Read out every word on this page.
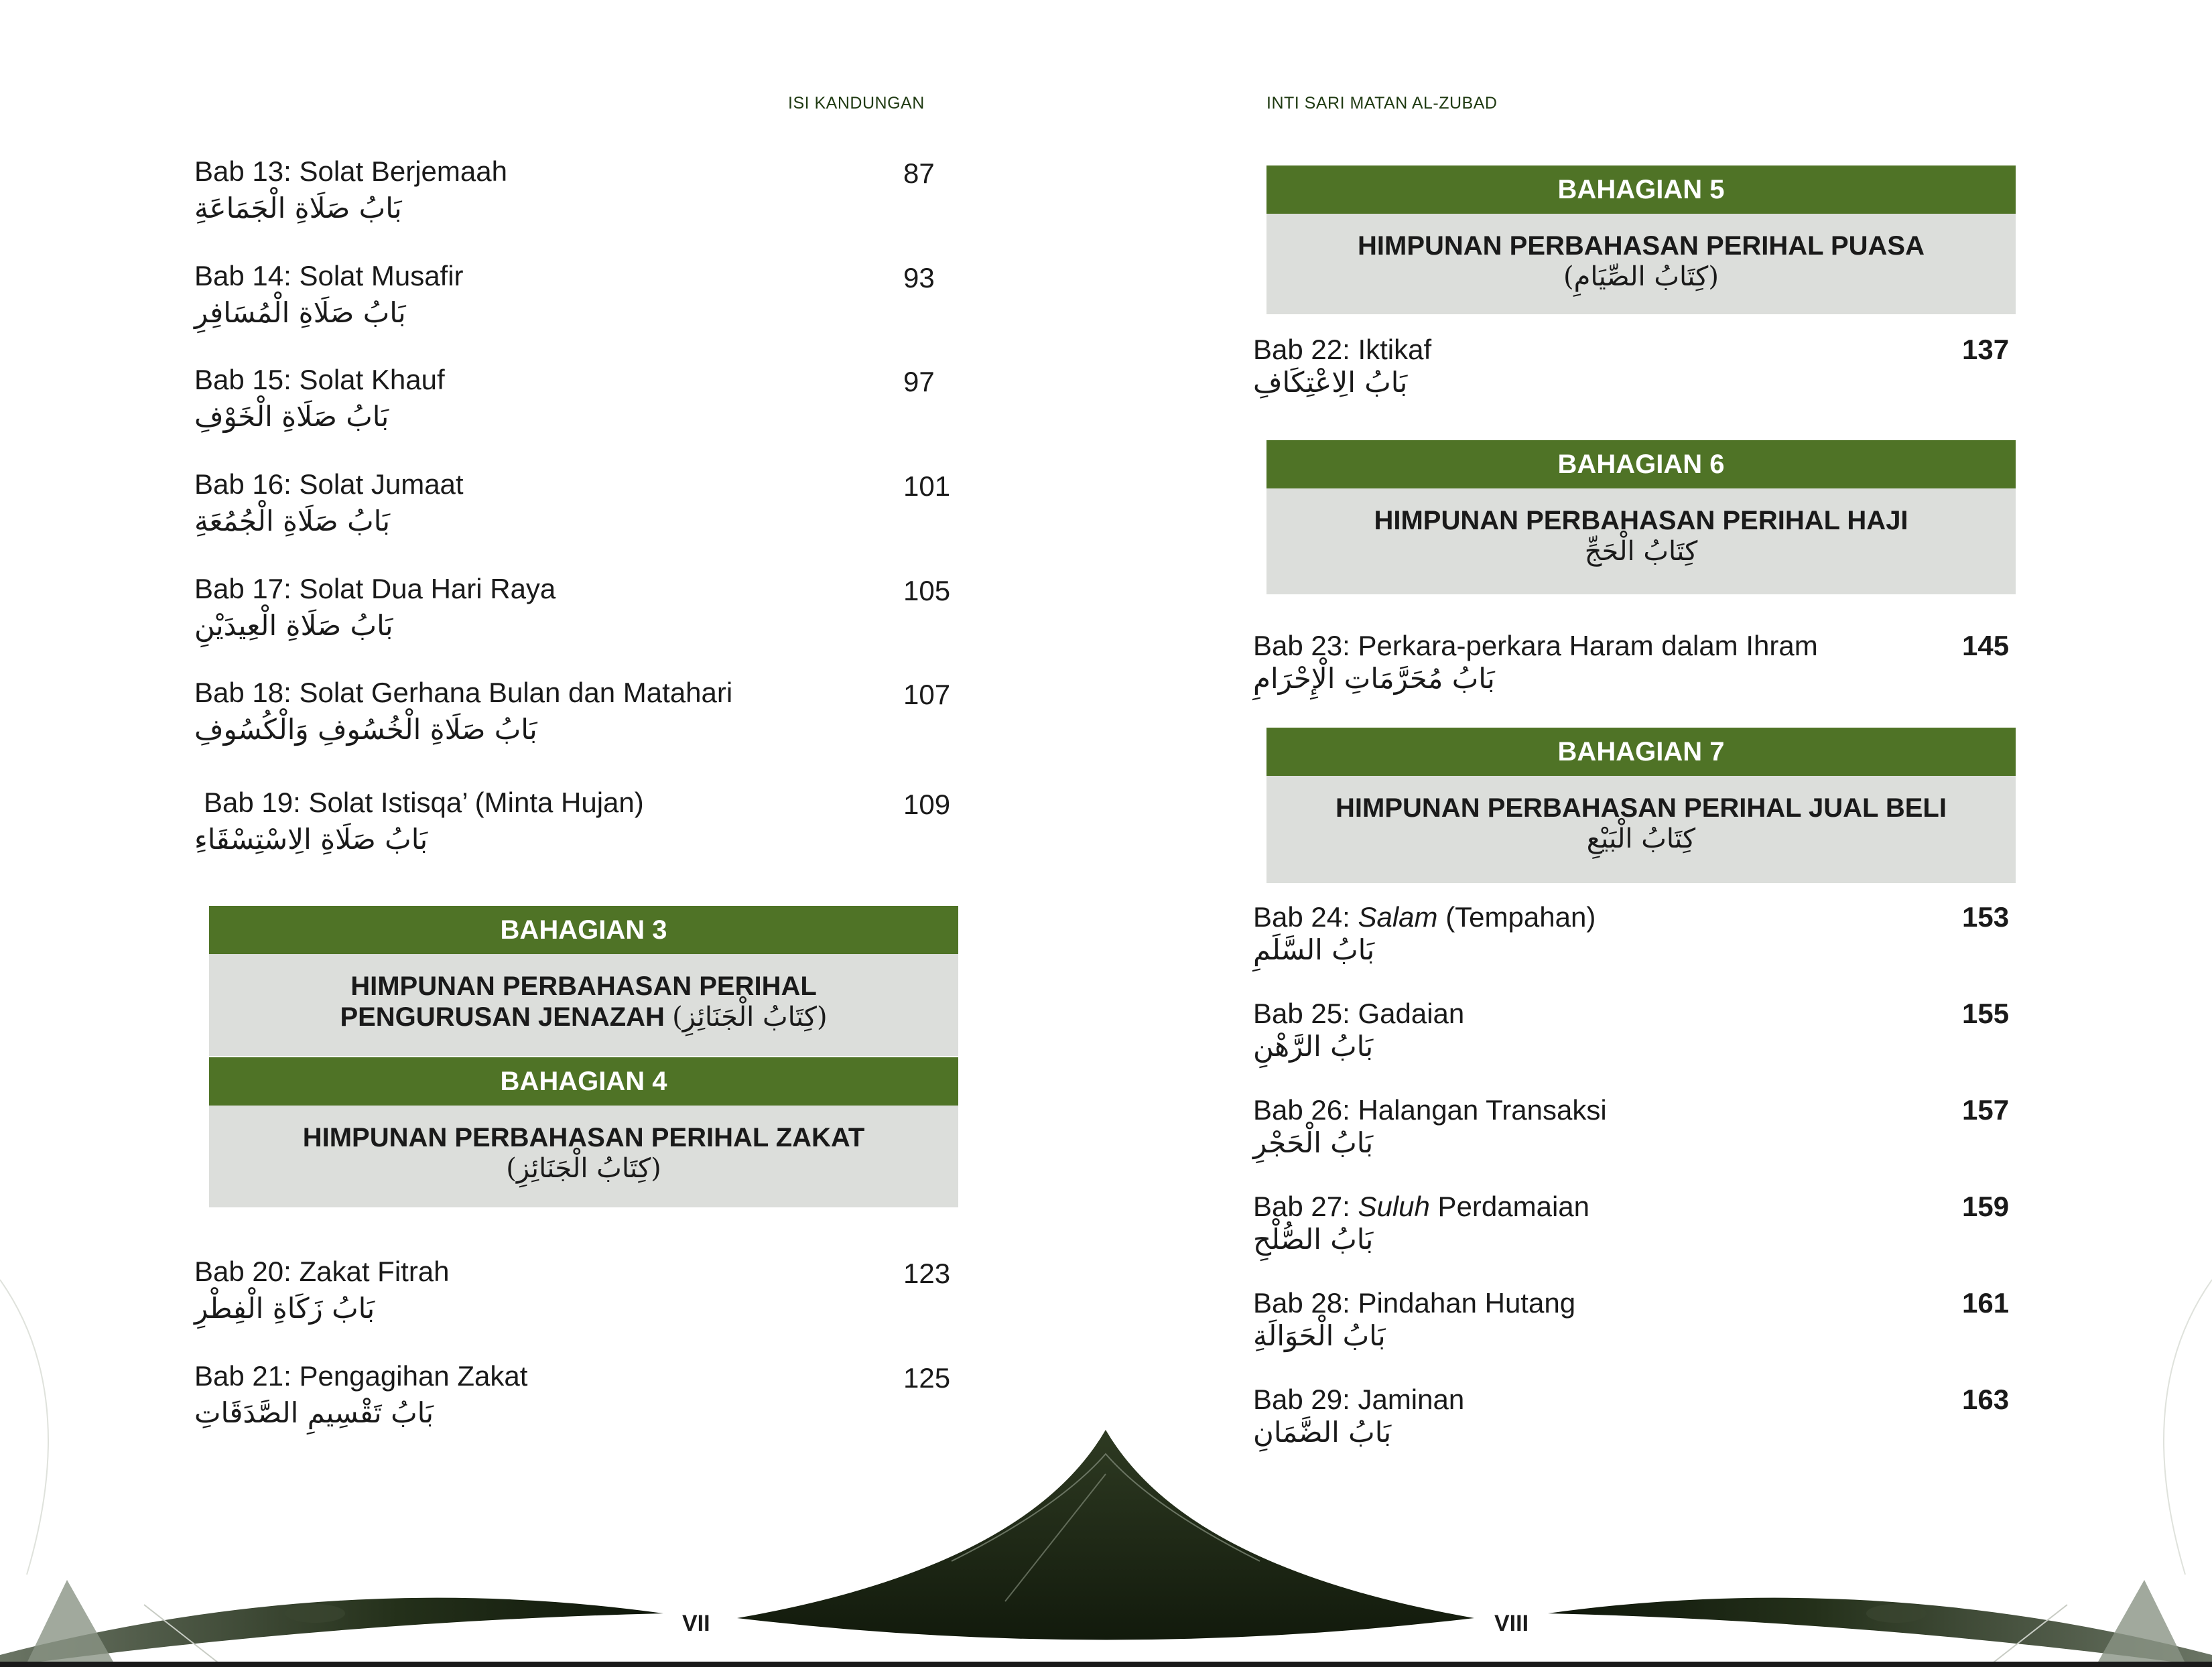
ISI KANDUNGAN	INTI SARI MATAN AL-ZUBAD
Bab 13: Solat Berjemaah
بَابُ صَلَاةِ الْجَمَاعَةِ
87
Bab 14: Solat Musafir
بَابُ صَلَاةِ الْمُسَافِرِ
93
Bab 15: Solat Khauf
بَابُ صَلَاةِ الْخَوْفِ
97
Bab 16: Solat Jumaat
بَابُ صَلَاةِ الْجُمُعَةِ
101
Bab 17: Solat Dua Hari Raya
بَابُ صَلَاةِ الْعِيدَيْنِ
105
Bab 18: Solat Gerhana Bulan dan Matahari
بَابُ صَلَاةِ الْخُسُوفِ وَالْكُسُوفِ
107
Bab 19: Solat Istisqa’ (Minta Hujan)
بَابُ صَلَاةِ الِاسْتِسْقَاءِ
109
BAHAGIAN 3
HIMPUNAN PERBAHASAN PERIHAL
PENGURUSAN JENAZAH (كِتَابُ الْجَنَائِزِ)
BAHAGIAN 4
HIMPUNAN PERBAHASAN PERIHAL ZAKAT
(كِتَابُ الْجَنَائِزِ)
Bab 20: Zakat Fitrah
بَابُ زَكَاةِ الْفِطْرِ
123
Bab 21: Pengagihan Zakat
بَابُ تَقْسِيمِ الصَّدَقَاتِ
125
BAHAGIAN 5
HIMPUNAN PERBAHASAN PERIHAL PUASA
(كِتَابُ الصِّيَامِ)
Bab 22: Iktikaf
بَابُ الِاعْتِكَافِ
137
BAHAGIAN 6
HIMPUNAN PERBAHASAN PERIHAL HAJI
كِتَابُ الْحَجِّ
Bab 23: Perkara-perkara Haram dalam Ihram
بَابُ مُحَرَّمَاتِ الْإِحْرَامِ
145
BAHAGIAN 7
HIMPUNAN PERBAHASAN PERIHAL JUAL BELI
كِتَابُ الْبَيْعِ
Bab 24: Salam (Tempahan)
بَابُ السَّلَمِ
153
Bab 25: Gadaian
بَابُ الرَّهْنِ
155
Bab 26: Halangan Transaksi
بَابُ الْحَجْرِ
157
Bab 27: Suluh Perdamaian
بَابُ الصُّلْحِ
159
Bab 28: Pindahan Hutang
بَابُ الْحَوَالَةِ
161
Bab 29: Jaminan
بَابُ الضَّمَانِ
163
VII	VIII
